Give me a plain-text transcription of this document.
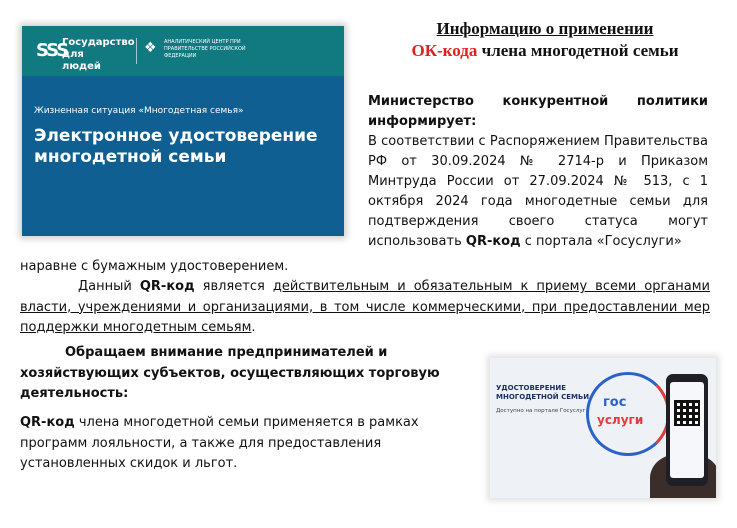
Информацию о применении
ОК-кода члена многодетной семьи
SSS
Государство для людей
❖ АНАЛИТИЧЕСКИЙ ЦЕНТР ПРИ ПРАВИТЕЛЬСТВЕ РОССИЙСКОЙ ФЕДЕРАЦИИ
Жизненная ситуация «Многодетная семья»
Электронное удостоверение многодетной семьи
Министерство конкурентной политики информирует:
В соответствии с Распоряжением Правительства РФ от 30.09.2024 № 2714-р и Приказом Минтруда России от 27.09.2024 № 513, с 1 октября 2024 года многодетные семьи для подтверждения своего статуса могут использовать QR-код с портала «Госуслуги»
наравне с бумажным удостоверением.
Данный QR-код является действительным и обязательным к приему всеми органами власти, учреждениями и организациями, в том числе коммерческими, при предоставлении мер поддержки многодетным семьям.
Обращаем внимание предпринимателей и хозяйствующих субъектов, осуществляющих торговую деятельность:
QR-код члена многодетной семьи применяется в рамках программ лояльности, а также для предоставления установленных скидок и льгот.
УДОСТОВЕРЕНИЕ МНОГОДЕТНОЙ СЕМЬИ
Доступно на портале Госуслуг
гос
услуги
